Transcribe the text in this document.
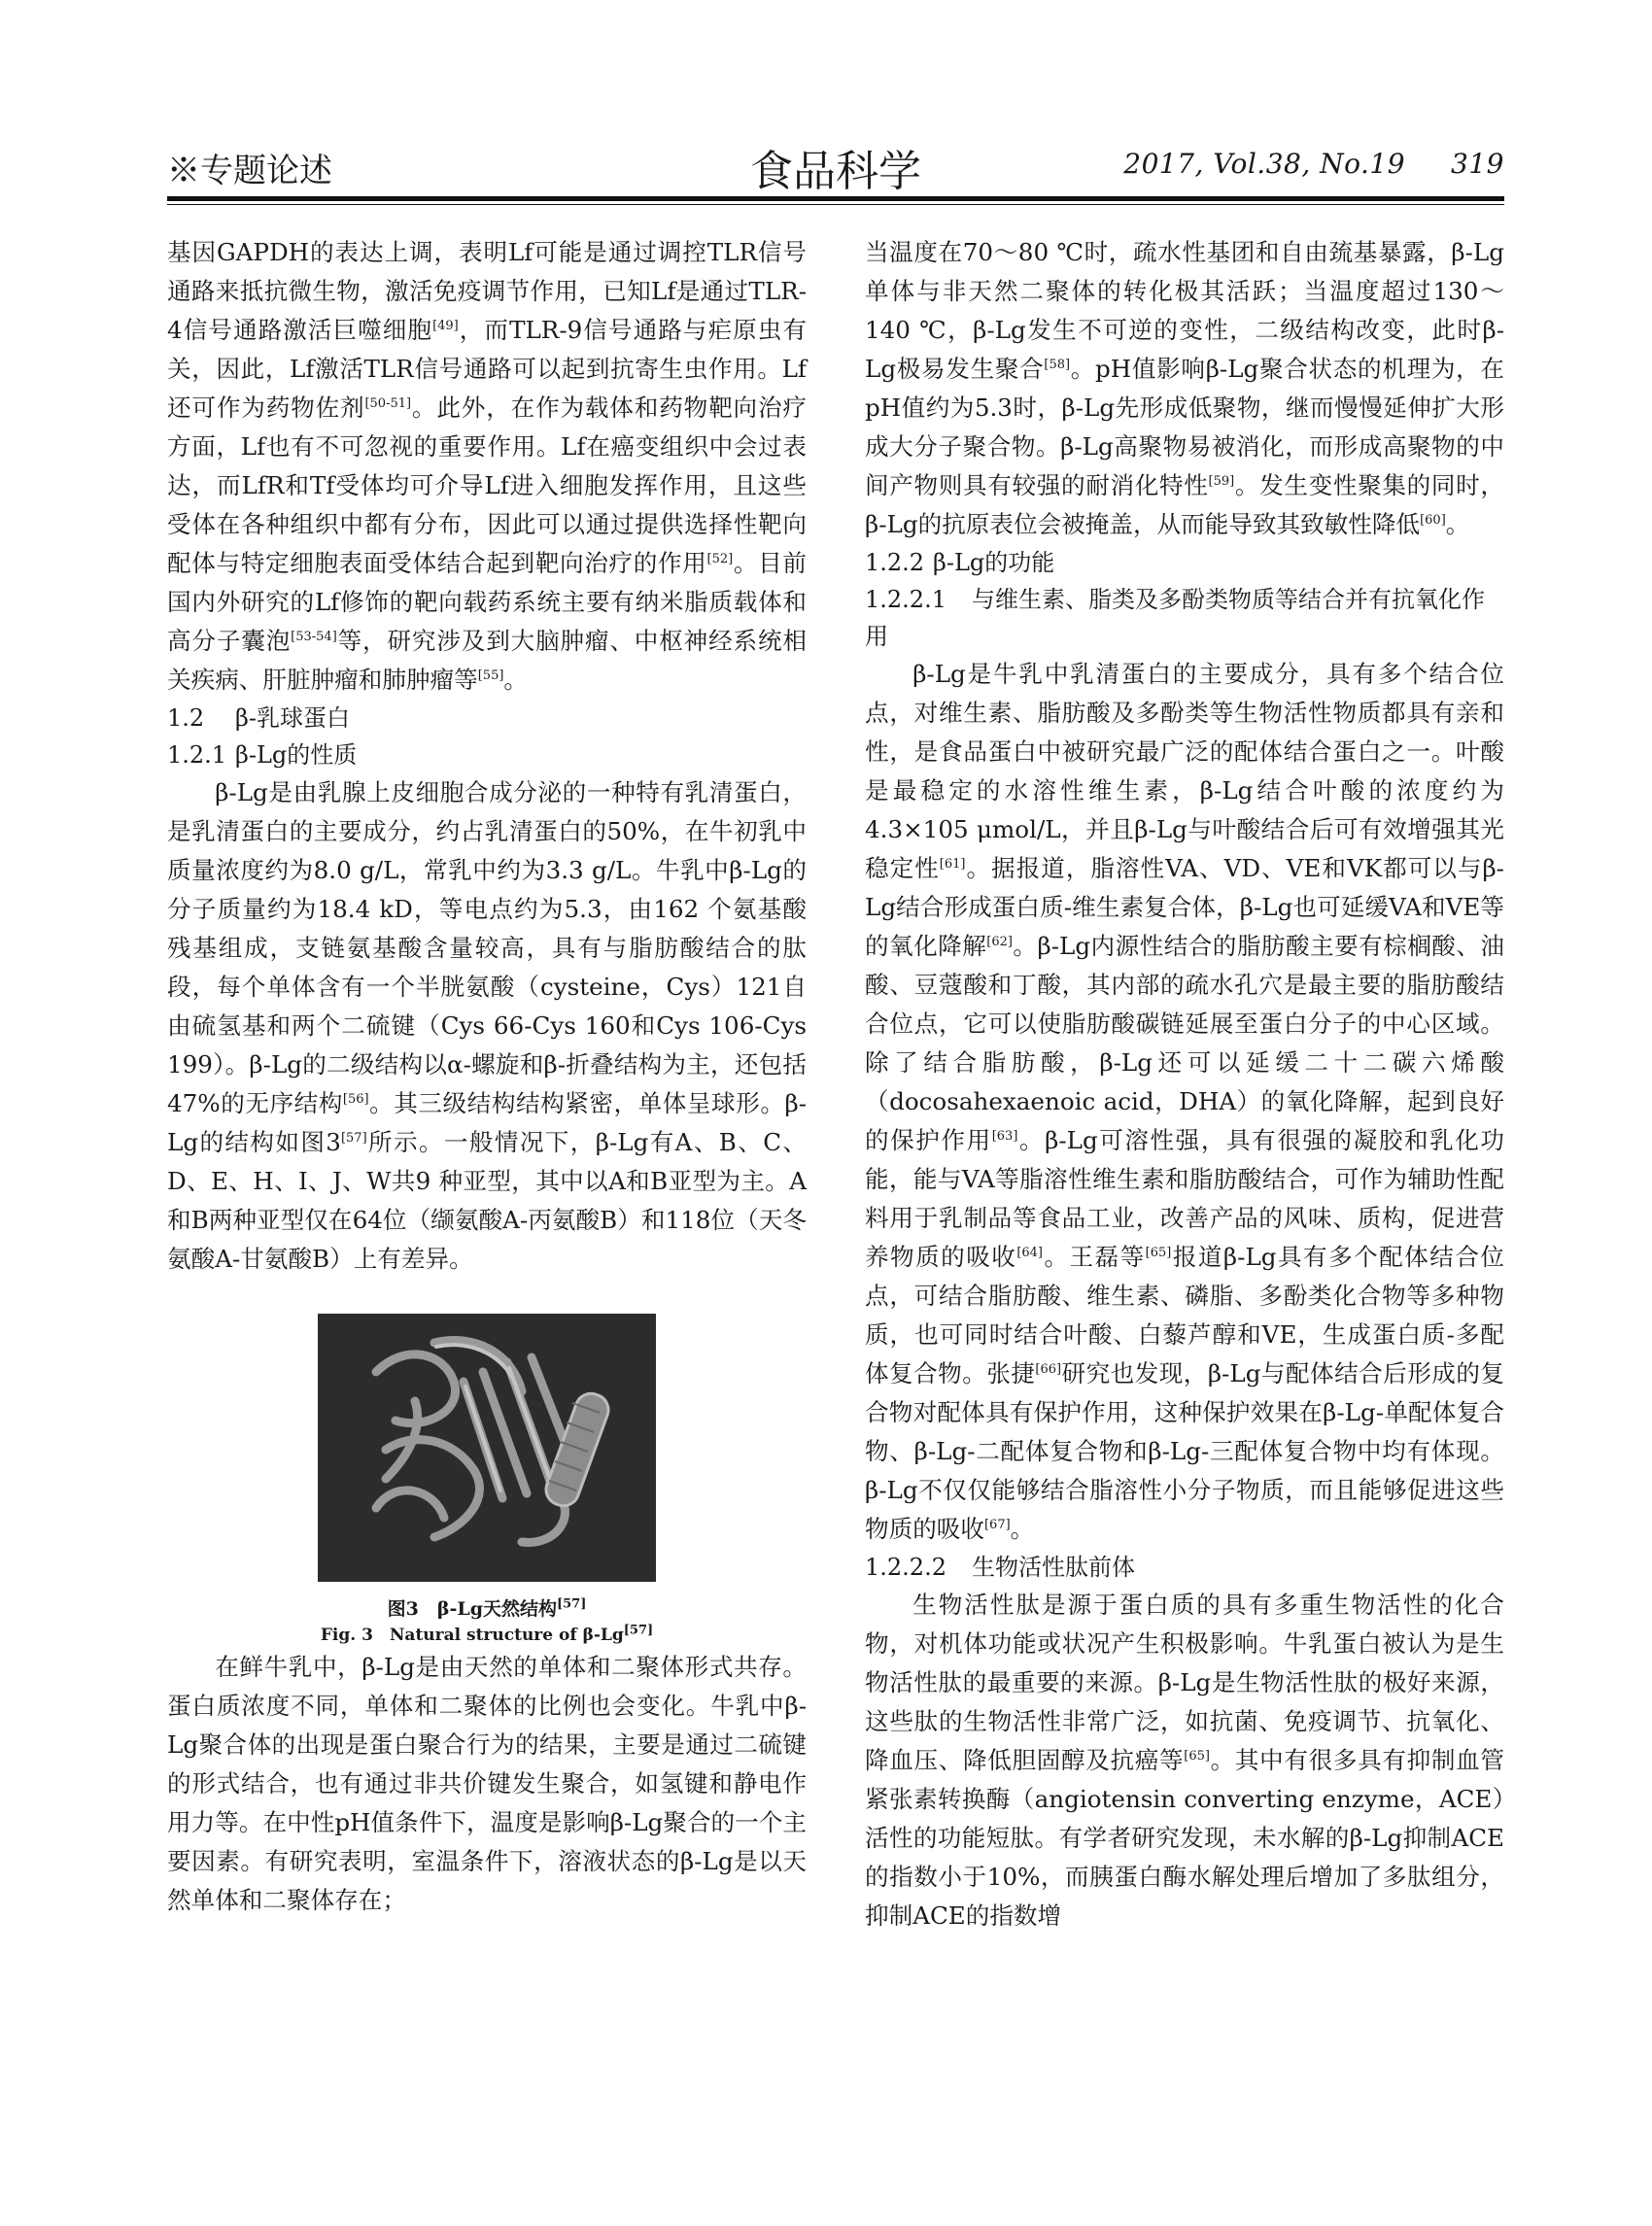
※专题论述	食品科学	2017, Vol.38, No.19 319

基因GAPDH的表达上调，表明Lf可能是通过调控TLR信号通路来抵抗微生物，激活免疫调节作用，已知Lf是通过TLR-4信号通路激活巨噬细胞[49]，而TLR-9信号通路与疟原虫有关，因此，Lf激活TLR信号通路可以起到抗寄生虫作用。Lf还可作为药物佐剂[50-51]。此外，在作为载体和药物靶向治疗方面，Lf也有不可忽视的重要作用。Lf在癌变组织中会过表达，而LfR和Tf受体均可介导Lf进入细胞发挥作用，且这些受体在各种组织中都有分布，因此可以通过提供选择性靶向配体与特定细胞表面受体结合起到靶向治疗的作用[52]。目前国内外研究的Lf修饰的靶向载药系统主要有纳米脂质载体和高分子囊泡[53-54]等，研究涉及到大脑肿瘤、中枢神经系统相关疾病、肝脏肿瘤和肺肿瘤等[55]。

1.2 β-乳球蛋白
1.2.1 β-Lg的性质

β-Lg是由乳腺上皮细胞合成分泌的一种特有乳清蛋白，是乳清蛋白的主要成分，约占乳清蛋白的50%，在牛初乳中质量浓度约为8.0 g/L，常乳中约为3.3 g/L。牛乳中β-Lg的分子质量约为18.4 kD，等电点约为5.3，由162 个氨基酸残基组成，支链氨基酸含量较高，具有与脂肪酸结合的肽段，每个单体含有一个半胱氨酸（cysteine，Cys）121自由硫氢基和两个二硫键（Cys 66-Cys 160和Cys 106-Cys 199）。β-Lg的二级结构以α-螺旋和β-折叠结构为主，还包括47%的无序结构[56]。其三级结构结构紧密，单体呈球形。β-Lg的结构如图3[57]所示。一般情况下，β-Lg有A、B、C、D、E、H、I、J、W共9 种亚型，其中以A和B亚型为主。A和B两种亚型仅在64位（缬氨酸A-丙氨酸B）和118位（天冬氨酸A-甘氨酸B）上有差异。

图3　β-Lg天然结构[57]
Fig. 3　Natural structure of β-Lg[57]

在鲜牛乳中，β-Lg是由天然的单体和二聚体形式共存。蛋白质浓度不同，单体和二聚体的比例也会变化。牛乳中β-Lg聚合体的出现是蛋白聚合行为的结果，主要是通过二硫键的形式结合，也有通过非共价键发生聚合，如氢键和静电作用力等。在中性pH值条件下，温度是影响β-Lg聚合的一个主要因素。有研究表明，室温条件下，溶液状态的β-Lg是以天然单体和二聚体存在；

当温度在70～80 ℃时，疏水性基团和自由巯基暴露，β-Lg单体与非天然二聚体的转化极其活跃；当温度超过130～140 ℃，β-Lg发生不可逆的变性，二级结构改变，此时β-Lg极易发生聚合[58]。pH值影响β-Lg聚合状态的机理为，在pH值约为5.3时，β-Lg先形成低聚物，继而慢慢延伸扩大形成大分子聚合物。β-Lg高聚物易被消化，而形成高聚物的中间产物则具有较强的耐消化特性[59]。发生变性聚集的同时，β-Lg的抗原表位会被掩盖，从而能导致其致敏性降低[60]。

1.2.2 β-Lg的功能
1.2.2.1 与维生素、脂类及多酚类物质等结合并有抗氧化作用

β-Lg是牛乳中乳清蛋白的主要成分，具有多个结合位点，对维生素、脂肪酸及多酚类等生物活性物质都具有亲和性，是食品蛋白中被研究最广泛的配体结合蛋白之一。叶酸是最稳定的水溶性维生素，β-Lg结合叶酸的浓度约为4.3×105 μmol/L，并且β-Lg与叶酸结合后可有效增强其光稳定性[61]。据报道，脂溶性VA、VD、VE和VK都可以与β-Lg结合形成蛋白质-维生素复合体，β-Lg也可延缓VA和VE等的氧化降解[62]。β-Lg内源性结合的脂肪酸主要有棕榈酸、油酸、豆蔻酸和丁酸，其内部的疏水孔穴是最主要的脂肪酸结合位点，它可以使脂肪酸碳链延展至蛋白分子的中心区域。除了结合脂肪酸，β-Lg还可以延缓二十二碳六烯酸（docosahexaenoic acid，DHA）的氧化降解，起到良好的保护作用[63]。β-Lg可溶性强，具有很强的凝胶和乳化功能，能与VA等脂溶性维生素和脂肪酸结合，可作为辅助性配料用于乳制品等食品工业，改善产品的风味、质构，促进营养物质的吸收[64]。王磊等[65]报道β-Lg具有多个配体结合位点，可结合脂肪酸、维生素、磷脂、多酚类化合物等多种物质，也可同时结合叶酸、白藜芦醇和VE，生成蛋白质-多配体复合物。张捷[66]研究也发现，β-Lg与配体结合后形成的复合物对配体具有保护作用，这种保护效果在β-Lg-单配体复合物、β-Lg-二配体复合物和β-Lg-三配体复合物中均有体现。β-Lg不仅仅能够结合脂溶性小分子物质，而且能够促进这些物质的吸收[67]。

1.2.2.2 生物活性肽前体

生物活性肽是源于蛋白质的具有多重生物活性的化合物，对机体功能或状况产生积极影响。牛乳蛋白被认为是生物活性肽的最重要的来源。β-Lg是生物活性肽的极好来源，这些肽的生物活性非常广泛，如抗菌、免疫调节、抗氧化、降血压、降低胆固醇及抗癌等[65]。其中有很多具有抑制血管紧张素转换酶（angiotensin converting enzyme，ACE）活性的功能短肽。有学者研究发现，未水解的β-Lg抑制ACE的指数小于10%，而胰蛋白酶水解处理后增加了多肽组分，抑制ACE的指数增
